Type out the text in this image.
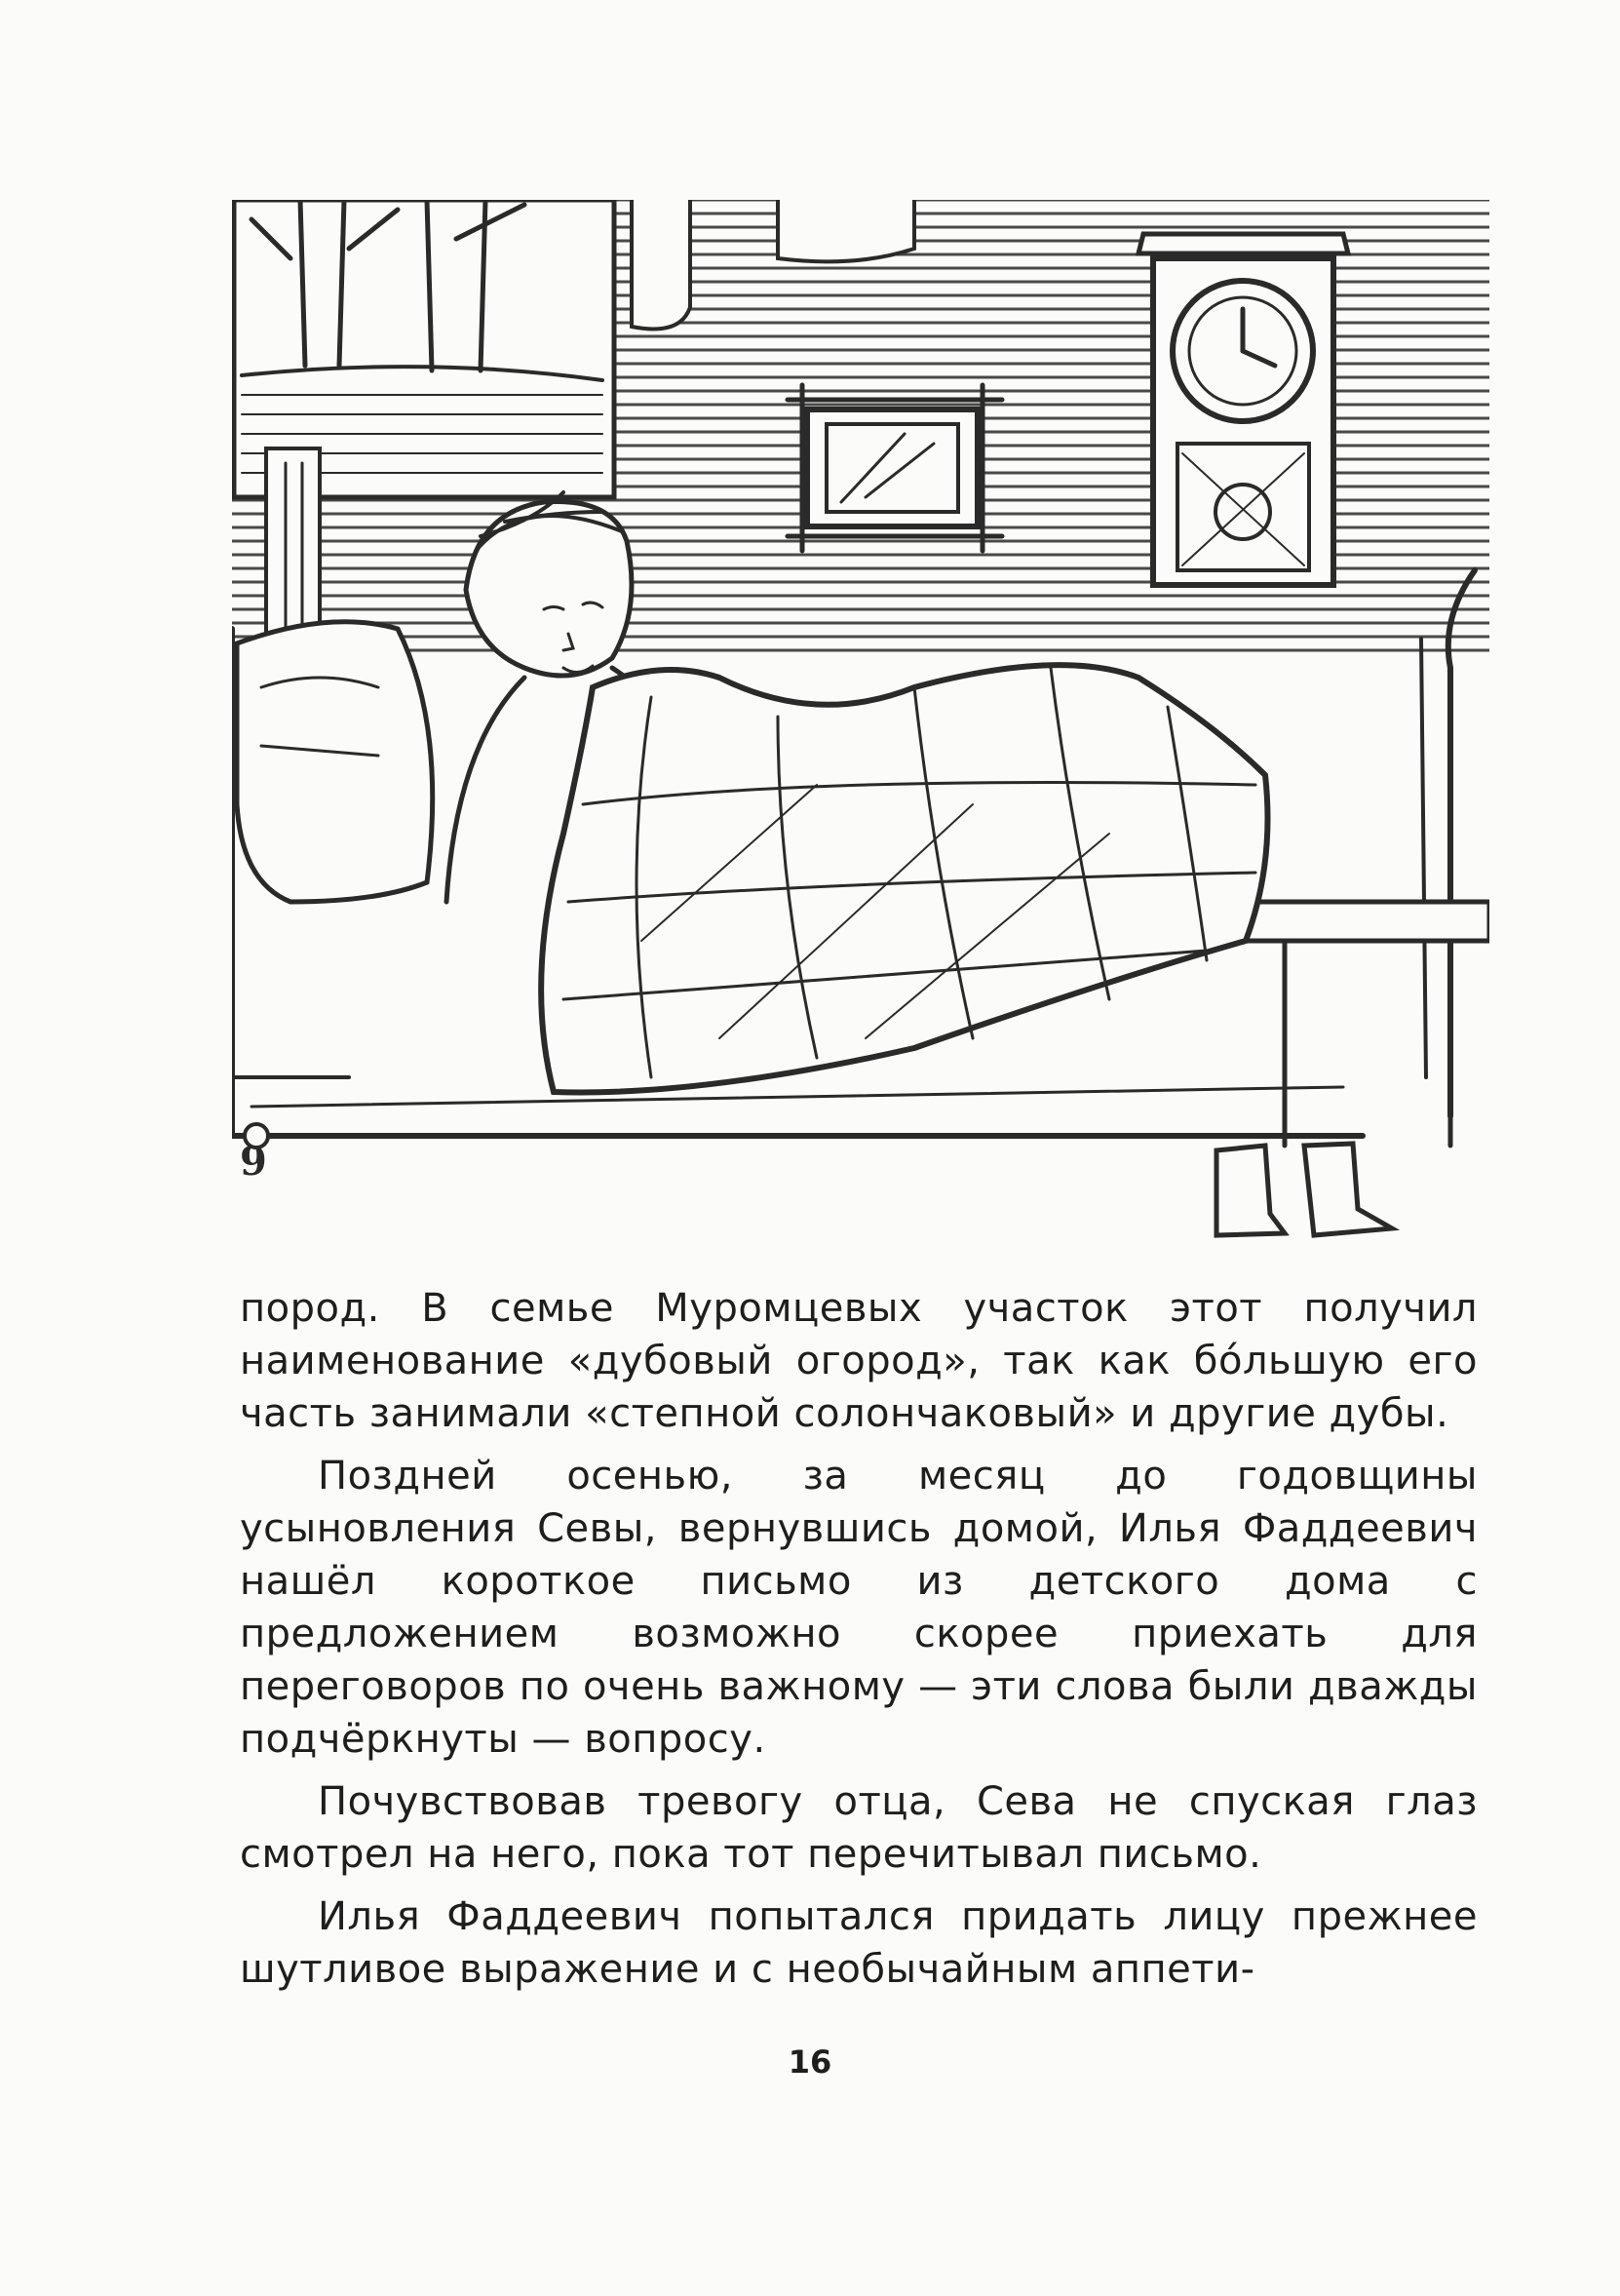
9

пород. В семье Муромцевых участок этот получил наименование «дубовый огород», так как бо́льшую его часть занимали «степной солончаковый» и другие дубы.

Поздней осенью, за месяц до годовщины усыновления Севы, вернувшись домой, Илья Фаддеевич нашёл короткое письмо из детского дома с предложением возможно скорее приехать для переговоров по очень важному — эти слова были дважды подчёркнуты — вопросу.

Почувствовав тревогу отца, Сева не спуская глаз смотрел на него, пока тот перечитывал письмо.

Илья Фаддеевич попытался придать лицу прежнее шутливое выражение и с необычайным аппети-

16
